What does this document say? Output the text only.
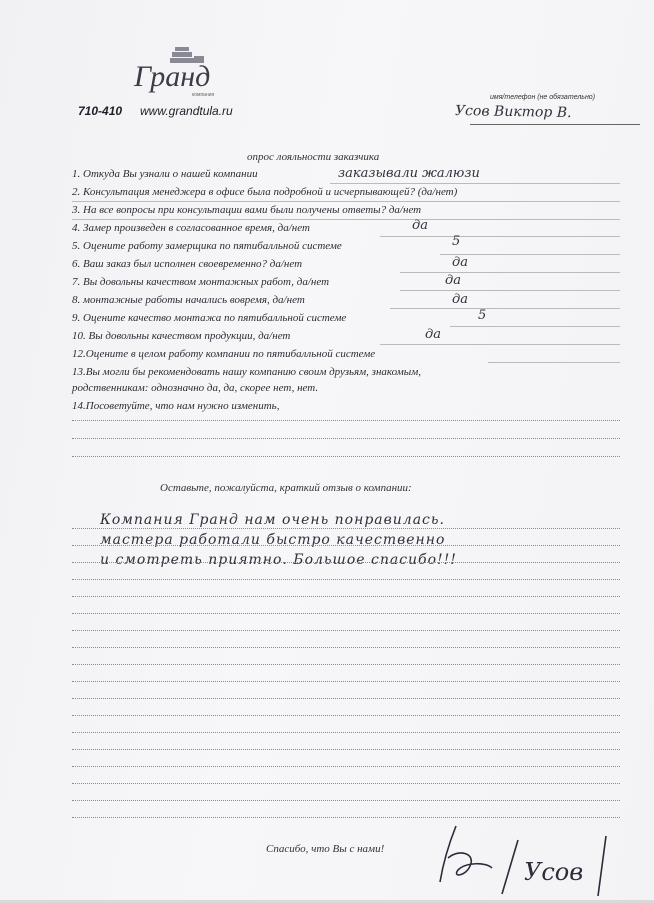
Гранд
компания
710-410 www.grandtula.ru
имя/телефон (не обязательно)
Усов Виктор В.
опрос лояльности заказчика
1. Откуда Вы узнали о нашей компании	заказывали жалюзи
2. Консультация менеджера в офисе была подробной и исчерпывающей? (да/нет)
3. На все вопросы при консультации вами были получены ответы? да/нет
4. Замер произведен в согласованное время, да/нет	да
5. Оцените работу замерщика по пятибалльной системе	5
6. Ваш заказ был исполнен своевременно? да/нет	да
7. Вы довольны качеством монтажных работ, да/нет	да
8. монтажные работы начались вовремя, да/нет	да
9. Оцените качество монтажа по пятибалльной системе	5
10. Вы довольны качеством продукции, да/нет	да
12.Оцените в целом работу компании по пятибалльной системе
13.Вы могли бы рекомендовать нашу компанию своим друзьям, знакомым,
родственникам: однозначно да, да, скорее нет, нет.
14.Посоветуйте, что нам нужно изменить,
Оставьте, пожалуйста, краткий отзыв о компании:
Компания Гранд нам очень понравилась.
мастера работали быстро качественно
и смотреть приятно. Большое спасибо!!!
Спасибо, что Вы с нами!
Усов
